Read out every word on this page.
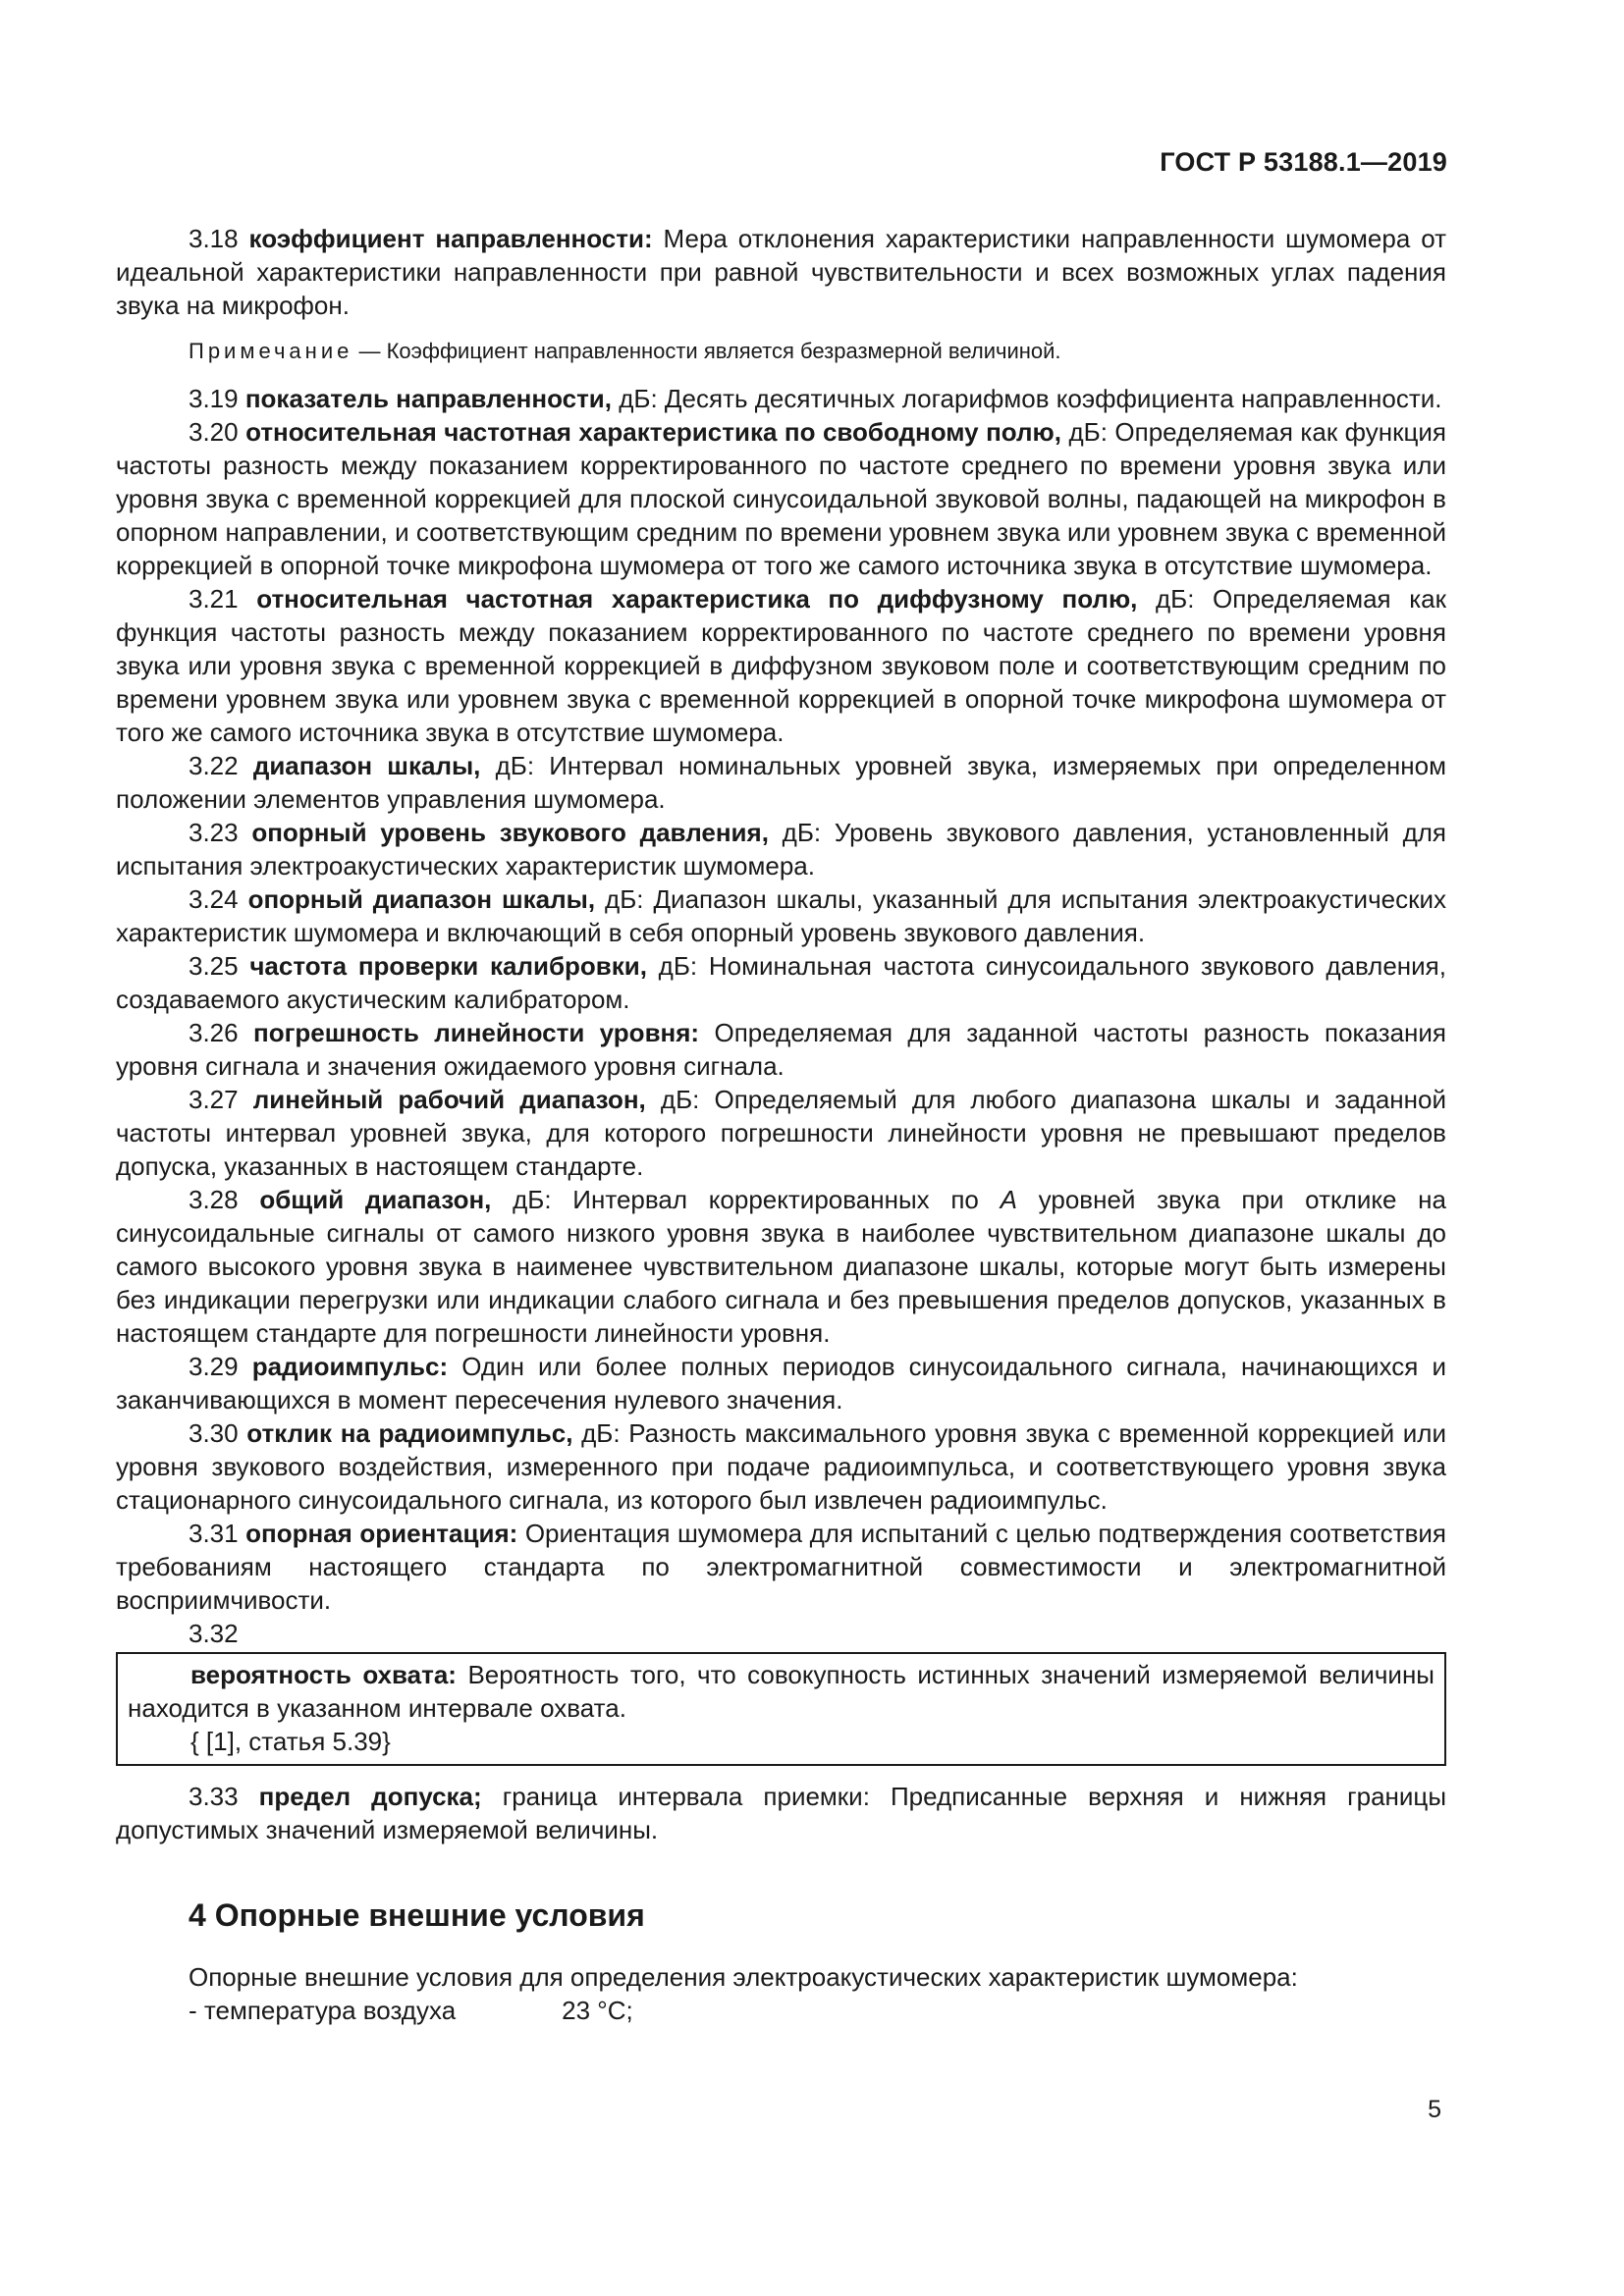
ГОСТ Р 53188.1—2019

3.18 коэффициент направленности: Мера отклонения характеристики направленности шумомера от идеальной характеристики направленности при равной чувствительности и всех возможных углах падения звука на микрофон.

Примечание — Коэффициент направленности является безразмерной величиной.

3.19 показатель направленности, дБ: Десять десятичных логарифмов коэффициента направленности.

3.20 относительная частотная характеристика по свободному полю, дБ: Определяемая как функция частоты разность между показанием корректированного по частоте среднего по времени уровня звука или уровня звука с временной коррекцией для плоской синусоидальной звуковой волны, падающей на микрофон в опорном направлении, и соответствующим средним по времени уровнем звука или уровнем звука с временной коррекцией в опорной точке микрофона шумомера от того же самого источника звука в отсутствие шумомера.

3.21 относительная частотная характеристика по диффузному полю, дБ: Определяемая как функция частоты разность между показанием корректированного по частоте среднего по времени уровня звука или уровня звука с временной коррекцией в диффузном звуковом поле и соответствующим средним по времени уровнем звука или уровнем звука с временной коррекцией в опорной точке микрофона шумомера от того же самого источника звука в отсутствие шумомера.

3.22 диапазон шкалы, дБ: Интервал номинальных уровней звука, измеряемых при определенном положении элементов управления шумомера.

3.23 опорный уровень звукового давления, дБ: Уровень звукового давления, установленный для испытания электроакустических характеристик шумомера.

3.24 опорный диапазон шкалы, дБ: Диапазон шкалы, указанный для испытания электроакустических характеристик шумомера и включающий в себя опорный уровень звукового давления.

3.25 частота проверки калибровки, дБ: Номинальная частота синусоидального звукового давления, создаваемого акустическим калибратором.

3.26 погрешность линейности уровня: Определяемая для заданной частоты разность показания уровня сигнала и значения ожидаемого уровня сигнала.

3.27 линейный рабочий диапазон, дБ: Определяемый для любого диапазона шкалы и заданной частоты интервал уровней звука, для которого погрешности линейности уровня не превышают пределов допуска, указанных в настоящем стандарте.

3.28 общий диапазон, дБ: Интервал корректированных по А уровней звука при отклике на синусоидальные сигналы от самого низкого уровня звука в наиболее чувствительном диапазоне шкалы до самого высокого уровня звука в наименее чувствительном диапазоне шкалы, которые могут быть измерены без индикации перегрузки или индикации слабого сигнала и без превышения пределов допусков, указанных в настоящем стандарте для погрешности линейности уровня.

3.29 радиоимпульс: Один или более полных периодов синусоидального сигнала, начинающихся и заканчивающихся в момент пересечения нулевого значения.

3.30 отклик на радиоимпульс, дБ: Разность максимального уровня звука с временной коррекцией или уровня звукового воздействия, измеренного при подаче радиоимпульса, и соответствующего уровня звука стационарного синусоидального сигнала, из которого был извлечен радиоимпульс.

3.31 опорная ориентация: Ориентация шумомера для испытаний с целью подтверждения соответствия требованиям настоящего стандарта по электромагнитной совместимости и электромагнитной восприимчивости.

3.32

вероятность охвата: Вероятность того, что совокупность истинных значений измеряемой величины находится в указанном интервале охвата.

{ [1], статья 5.39}

3.33 предел допуска; граница интервала приемки: Предписанные верхняя и нижняя границы допустимых значений измеряемой величины.

4 Опорные внешние условия

Опорные внешние условия для определения электроакустических характеристик шумомера:

- температура воздуха	23 °С;

5
